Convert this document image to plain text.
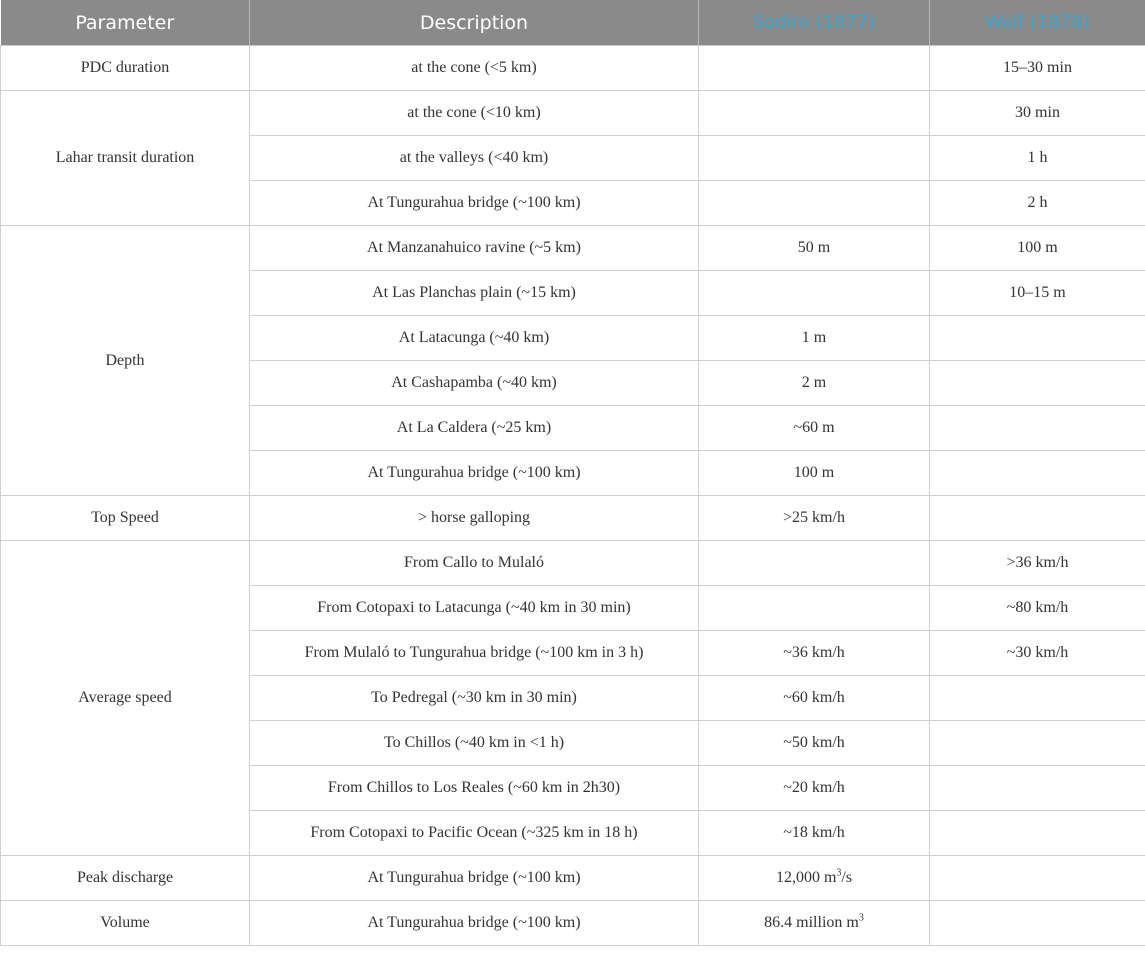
Parameter	Description	Sodiro (1877)	Wolf (1878)
PDC duration	at the cone (<5 km)		15–30 min
Lahar transit duration	at the cone (<10 km)		30 min
	at the valleys (<40 km)		1 h
	At Tungurahua bridge (~100 km)		2 h
Depth	At Manzanahuico ravine (~5 km)	50 m	100 m
	At Las Planchas plain (~15 km)		10–15 m
	At Latacunga (~40 km)	1 m	
	At Cashapamba (~40 km)	2 m	
	At La Caldera (~25 km)	~60 m	
	At Tungurahua bridge (~100 km)	100 m	
Top Speed	> horse galloping	>25 km/h	
Average speed	From Callo to Mulaló		>36 km/h
	From Cotopaxi to Latacunga (~40 km in 30 min)		~80 km/h
	From Mulaló to Tungurahua bridge (~100 km in 3 h)	~36 km/h	~30 km/h
	To Pedregal (~30 km in 30 min)	~60 km/h	
	To Chillos (~40 km in <1 h)	~50 km/h	
	From Chillos to Los Reales (~60 km in 2h30)	~20 km/h	
	From Cotopaxi to Pacific Ocean (~325 km in 18 h)	~18 km/h	
Peak discharge	At Tungurahua bridge (~100 km)	12,000 $m^3/s$	
Volume	At Tungurahua bridge (~100 km)	86.4 million $m^3$	
